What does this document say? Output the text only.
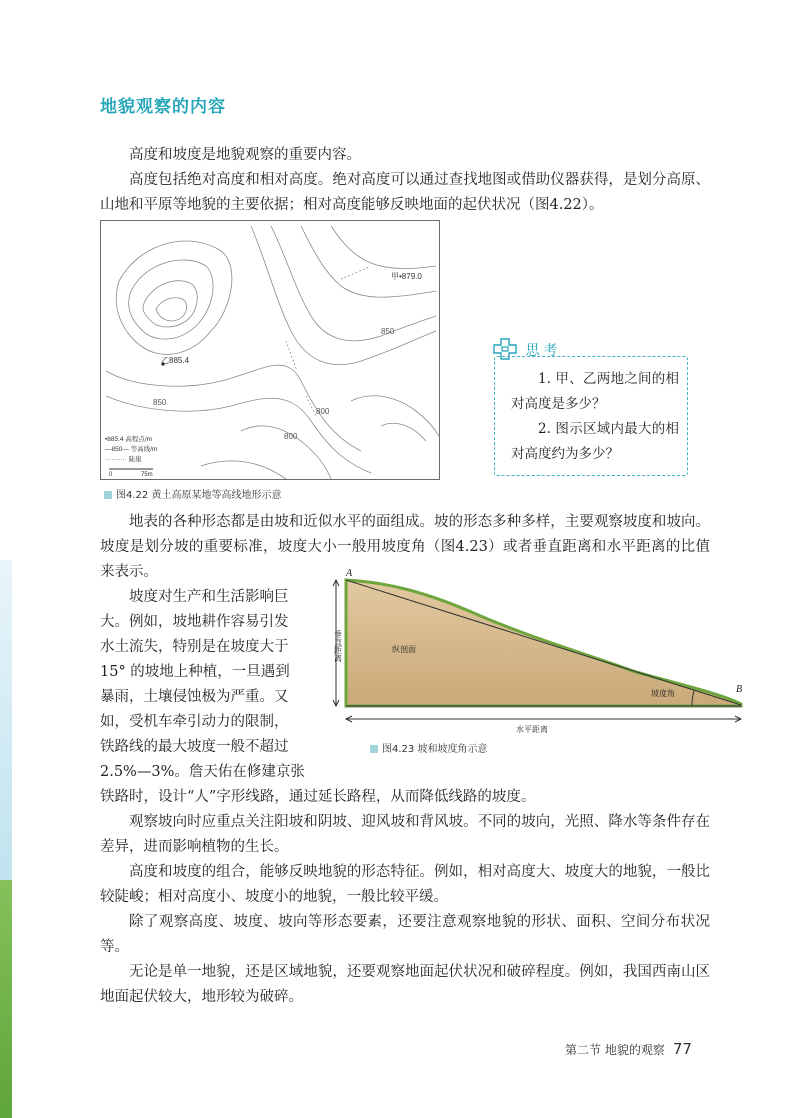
地貌观察的内容

高度和坡度是地貌观察的重要内容。

高度包括绝对高度和相对高度。绝对高度可以通过查找地图或借助仪器获得，是划分高原、山地和平原等地貌的主要依据；相对高度能够反映地面的起伏状况（图4.22）。

乙885.4
甲•879.0
850
850
800
800
•885.4 高程点/m
—850— 等高线/m
·········· 陡崖
0	75m
图4.22 黄土高原某地等高线地形示意
思考

1. 甲、乙两地之间的相对高度是多少？

2. 图示区域内最大的相对高度约为多少？

地表的各种形态都是由坡和近似水平的面组成。坡的形态多种多样，主要观察坡度和坡向。坡度是划分坡的重要标准，坡度大小一般用坡度角（图4.23）或者垂直距离和水平距离的比值来表示。

坡度对生产和生活影响巨
大。例如，坡地耕作容易引发
水土流失，特别是在坡度大于
15° 的坡地上种植，一旦遇到
暴雨，土壤侵蚀极为严重。又
如，受机车牵引动力的限制，
铁路线的最大坡度一般不超过
2.5%—3%。詹天佑在修建京张
A
B
垂直距离
水平距离
纵剖面
坡度角
图4.23 坡和坡度角示意

铁路时，设计“人”字形线路，通过延长路程，从而降低线路的坡度。

观察坡向时应重点关注阳坡和阴坡、迎风坡和背风坡。不同的坡向，光照、降水等条件存在差异，进而影响植物的生长。

高度和坡度的组合，能够反映地貌的形态特征。例如，相对高度大、坡度大的地貌，一般比较陡峻；相对高度小、坡度小的地貌，一般比较平缓。

除了观察高度、坡度、坡向等形态要素，还要注意观察地貌的形状、面积、空间分布状况等。

无论是单一地貌，还是区域地貌，还要观察地面起伏状况和破碎程度。例如，我国西南山区地面起伏较大，地形较为破碎。

第二节 地貌的观察 77
